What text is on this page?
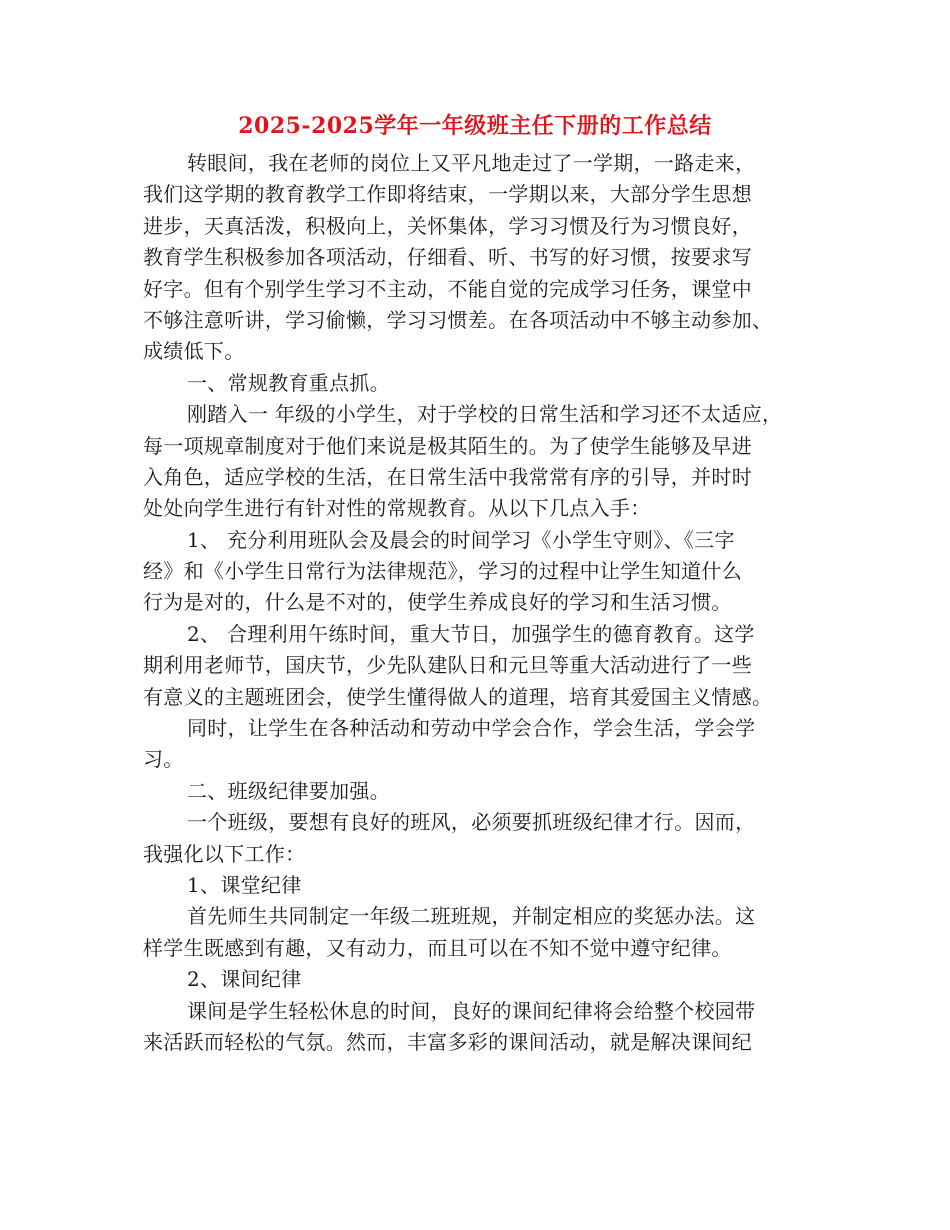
2025-2025学年一年级班主任下册的工作总结
转眼间，我在老师的岗位上又平凡地走过了一学期，一路走来，
我们这学期的教育教学工作即将结束，一学期以来，大部分学生思想
进步，天真活泼，积极向上，关怀集体，学习习惯及行为习惯良好，
教育学生积极参加各项活动，仔细看、听、书写的好习惯，按要求写
好字。但有个别学生学习不主动，不能自觉的完成学习任务，课堂中
不够注意听讲，学习偷懒，学习习惯差。在各项活动中不够主动参加、
成绩低下。
一、常规教育重点抓。
刚踏入一 年级的小学生，对于学校的日常生活和学习还不太适应，
每一项规章制度对于他们来说是极其陌生的。为了使学生能够及早进
入角色，适应学校的生活，在日常生活中我常常有序的引导，并时时
处处向学生进行有针对性的常规教育。从以下几点入手：
1、 充分利用班队会及晨会的时间学习《小学生守则》、《三字
经》和《小学生日常行为法律规范》，学习的过程中让学生知道什么
行为是对的，什么是不对的，使学生养成良好的学习和生活习惯。
2、 合理利用午练时间，重大节日，加强学生的德育教育。这学
期利用老师节，国庆节，少先队建队日和元旦等重大活动进行了一些
有意义的主题班团会，使学生懂得做人的道理，培育其爱国主义情感。
同时，让学生在各种活动和劳动中学会合作，学会生活，学会学
习。
二、班级纪律要加强。
一个班级，要想有良好的班风，必须要抓班级纪律才行。因而，
我强化以下工作：
1、课堂纪律
首先师生共同制定一年级二班班规，并制定相应的奖惩办法。这
样学生既感到有趣，又有动力，而且可以在不知不觉中遵守纪律。
2、课间纪律
课间是学生轻松休息的时间，良好的课间纪律将会给整个校园带
来活跃而轻松的气氛。然而，丰富多彩的课间活动，就是解决课间纪
